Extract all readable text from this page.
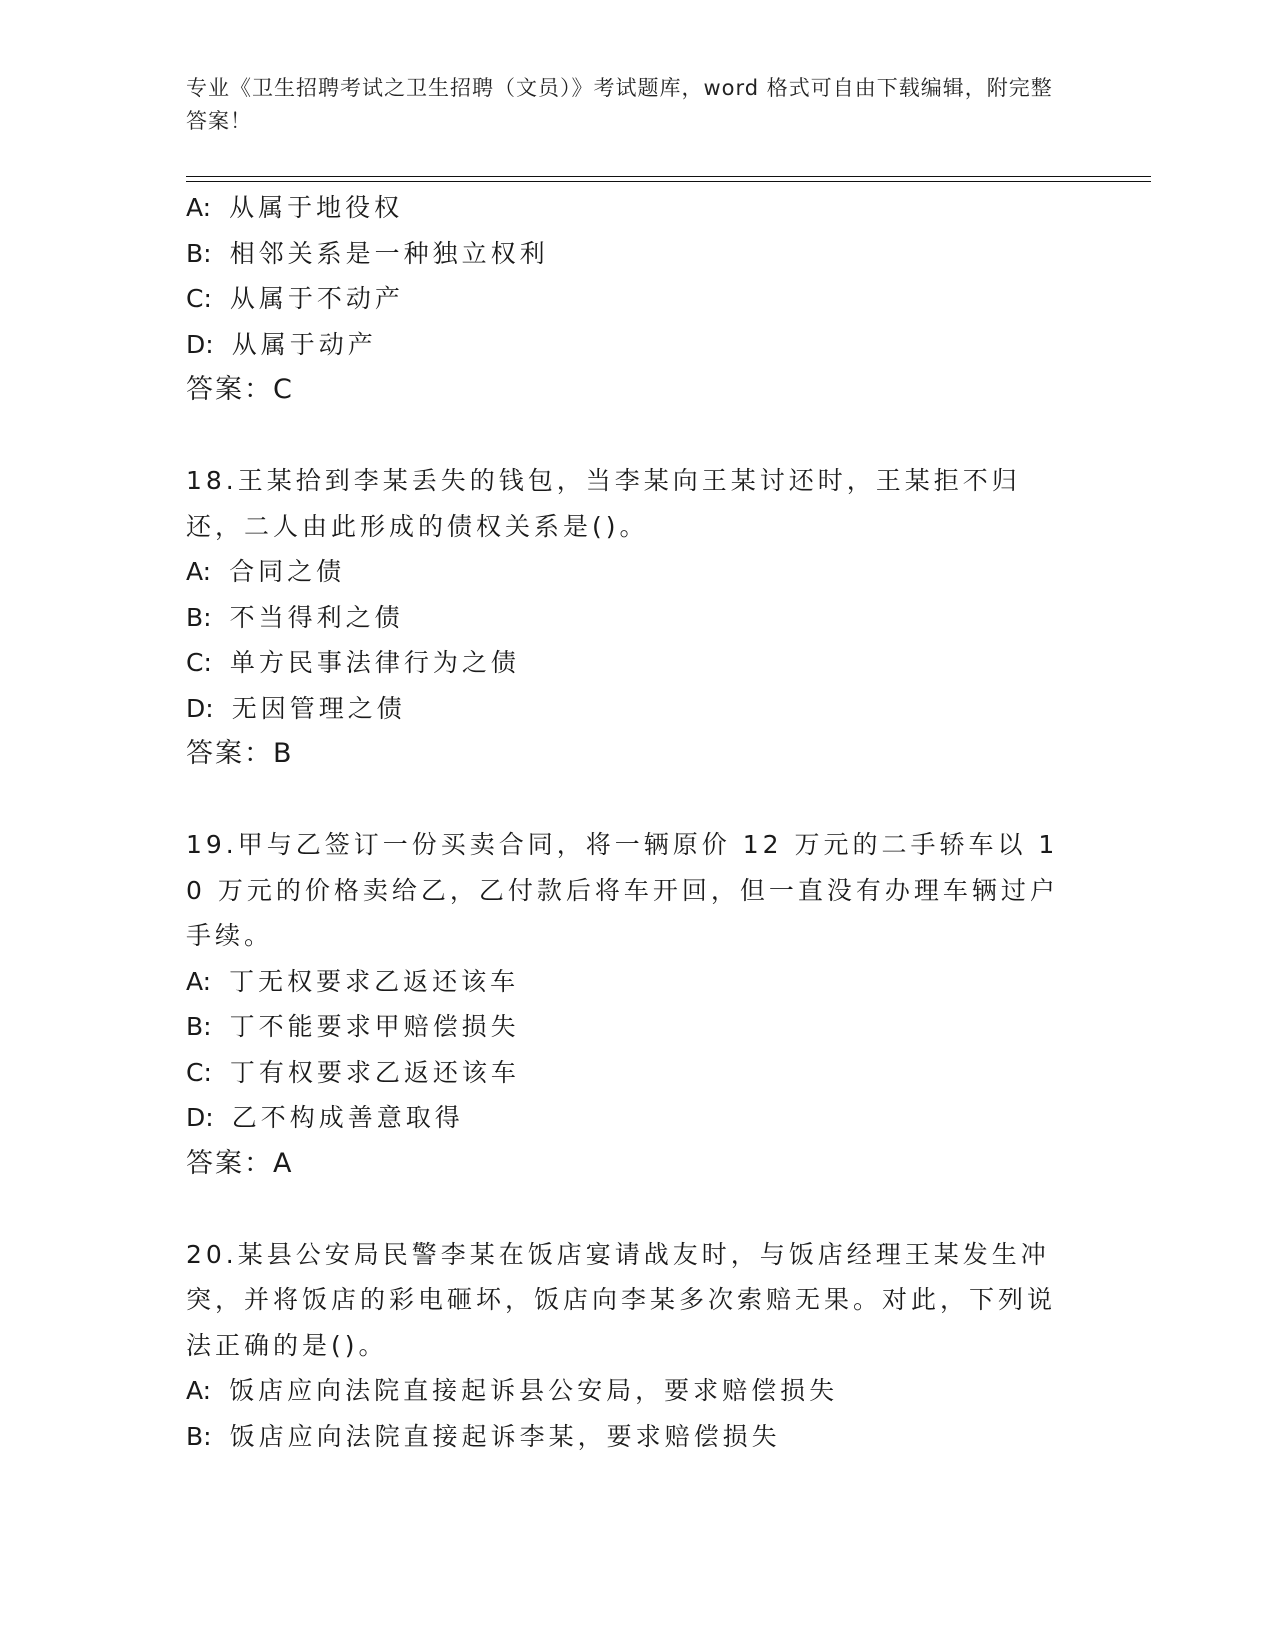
专业《卫生招聘考试之卫生招聘（文员）》考试题库，word 格式可自由下载编辑，附完整答案！
A: 从属于地役权
B: 相邻关系是一种独立权利
C: 从属于不动产
D: 从属于动产
答案：C
18.王某拾到李某丢失的钱包，当李某向王某讨还时，王某拒不归还，二人由此形成的债权关系是()。
A: 合同之债
B: 不当得利之债
C: 单方民事法律行为之债
D: 无因管理之债
答案：B
19.甲与乙签订一份买卖合同，将一辆原价 12 万元的二手轿车以 10 万元的价格卖给乙，乙付款后将车开回，但一直没有办理车辆过户手续。
A: 丁无权要求乙返还该车
B: 丁不能要求甲赔偿损失
C: 丁有权要求乙返还该车
D: 乙不构成善意取得
答案：A
20.某县公安局民警李某在饭店宴请战友时，与饭店经理王某发生冲突，并将饭店的彩电砸坏，饭店向李某多次索赔无果。对此，下列说法正确的是()。
A: 饭店应向法院直接起诉县公安局，要求赔偿损失
B: 饭店应向法院直接起诉李某，要求赔偿损失
